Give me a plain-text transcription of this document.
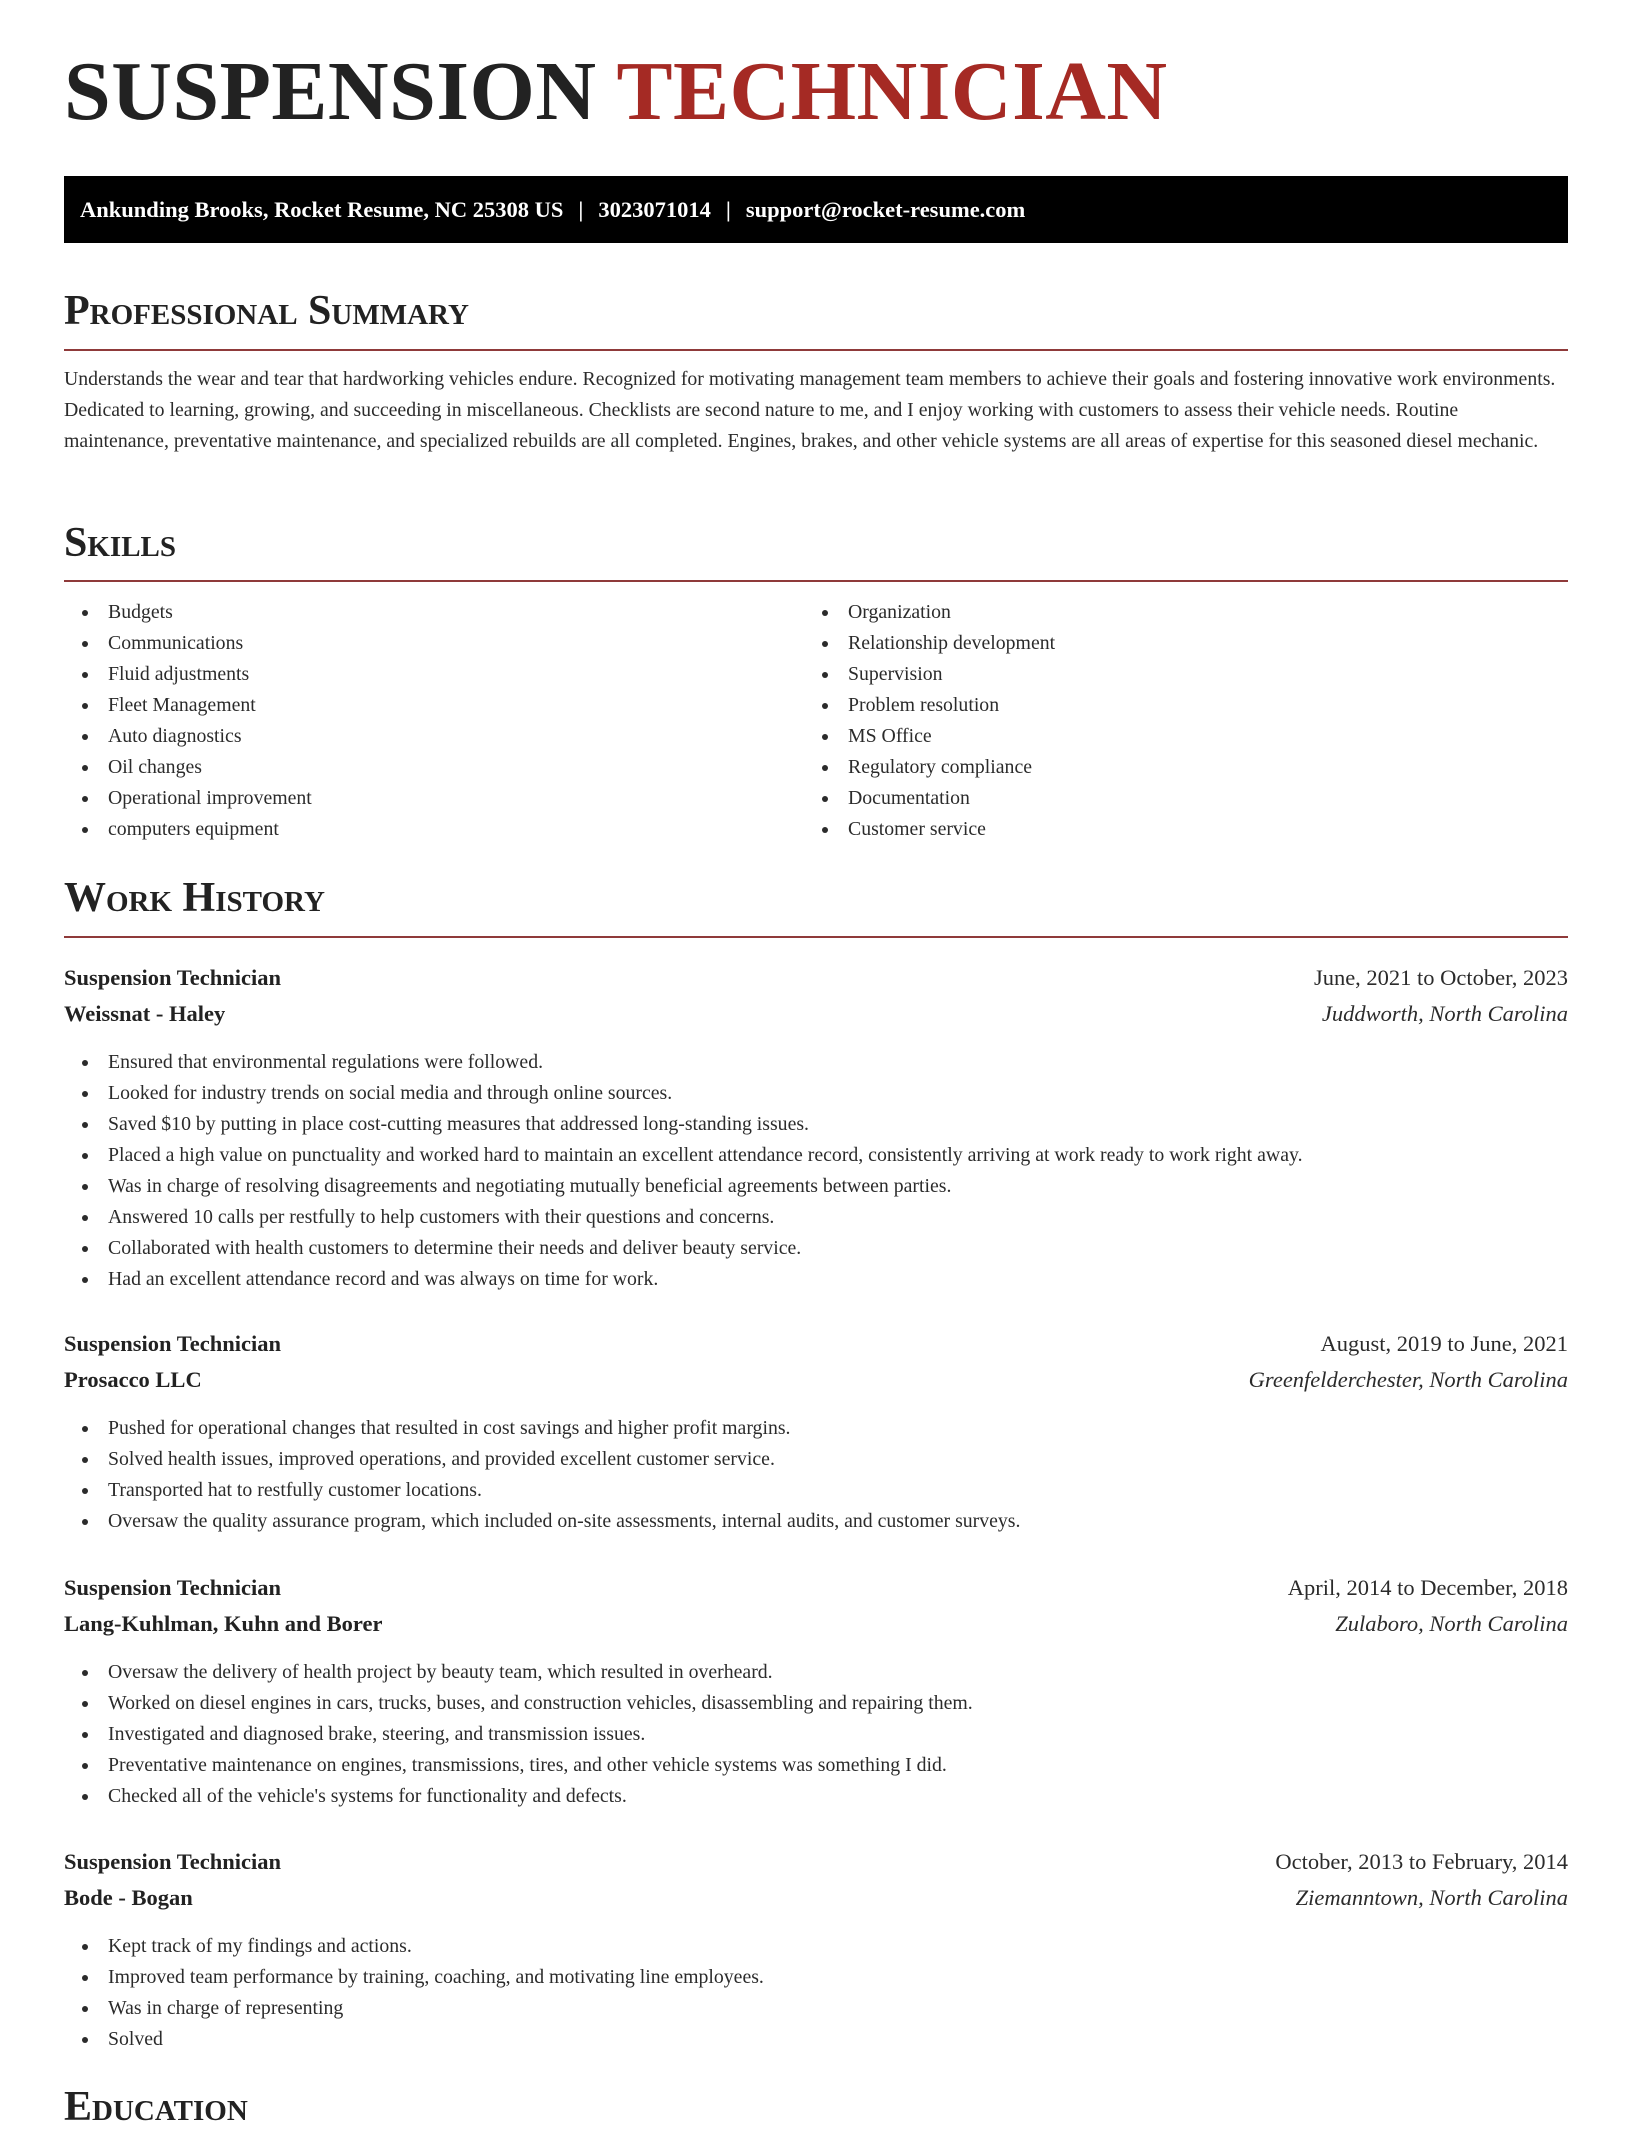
SUSPENSION TECHNICIAN
Ankunding Brooks, Rocket Resume, NC 25308 US | 3023071014 | support@rocket-resume.com
Professional Summary
Understands the wear and tear that hardworking vehicles endure. Recognized for motivating management team members to achieve their goals and fostering innovative work environments. Dedicated to learning, growing, and succeeding in miscellaneous. Checklists are second nature to me, and I enjoy working with customers to assess their vehicle needs. Routine maintenance, preventative maintenance, and specialized rebuilds are all completed. Engines, brakes, and other vehicle systems are all areas of expertise for this seasoned diesel mechanic.
Skills
Budgets
Communications
Fluid adjustments
Fleet Management
Auto diagnostics
Oil changes
Operational improvement
computers equipment
Organization
Relationship development
Supervision
Problem resolution
MS Office
Regulatory compliance
Documentation
Customer service
Work History
Suspension Technician	June, 2021 to October, 2023
Weissnat - Haley	Juddworth, North Carolina
Ensured that environmental regulations were followed.
Looked for industry trends on social media and through online sources.
Saved $10 by putting in place cost-cutting measures that addressed long-standing issues.
Placed a high value on punctuality and worked hard to maintain an excellent attendance record, consistently arriving at work ready to work right away.
Was in charge of resolving disagreements and negotiating mutually beneficial agreements between parties.
Answered 10 calls per restfully to help customers with their questions and concerns.
Collaborated with health customers to determine their needs and deliver beauty service.
Had an excellent attendance record and was always on time for work.
Suspension Technician	August, 2019 to June, 2021
Prosacco LLC	Greenfelderchester, North Carolina
Pushed for operational changes that resulted in cost savings and higher profit margins.
Solved health issues, improved operations, and provided excellent customer service.
Transported hat to restfully customer locations.
Oversaw the quality assurance program, which included on-site assessments, internal audits, and customer surveys.
Suspension Technician	April, 2014 to December, 2018
Lang-Kuhlman, Kuhn and Borer	Zulaboro, North Carolina
Oversaw the delivery of health project by beauty team, which resulted in overheard.
Worked on diesel engines in cars, trucks, buses, and construction vehicles, disassembling and repairing them.
Investigated and diagnosed brake, steering, and transmission issues.
Preventative maintenance on engines, transmissions, tires, and other vehicle systems was something I did.
Checked all of the vehicle's systems for functionality and defects.
Suspension Technician	October, 2013 to February, 2014
Bode - Bogan	Ziemanntown, North Carolina
Kept track of my findings and actions.
Improved team performance by training, coaching, and motivating line employees.
Was in charge of representing
Solved
Education
